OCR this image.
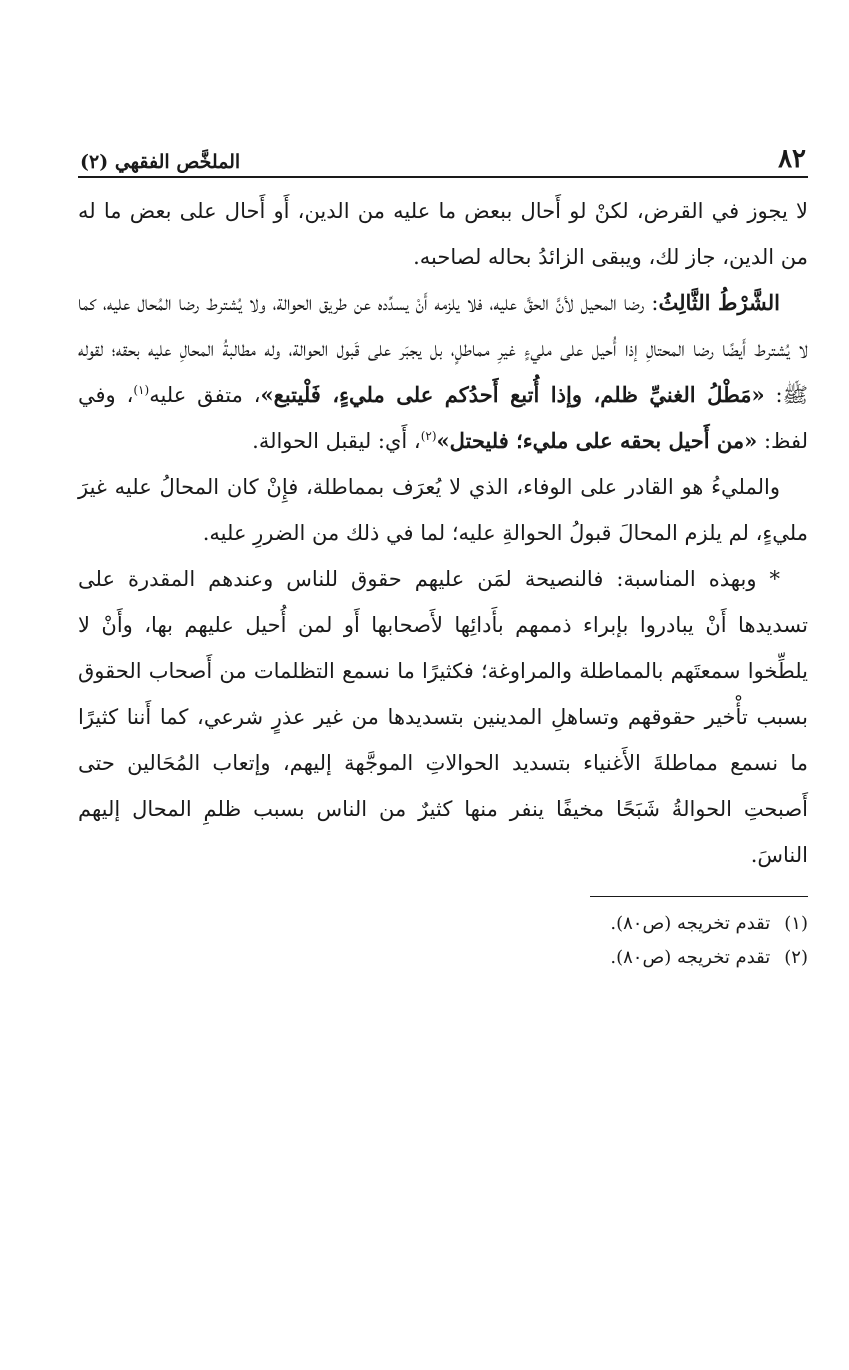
٨٢
الملخَّص الفقهي (٢)

لا يجوز في القرض، لكنْ لو أَحال ببعض ما عليه من الدين، أَو أَحال على بعض ما له من الدين، جاز لك، ويبقى الزائدُ بحاله لصاحبه.

الشَّرْطُ الثَّالِثُ: رضا المحيل لأنَّ الحقَّ عليه، فلا يلزمه أَنْ يسدِّده عن طريق الحوالة، ولا يُشترط رضا المُحال عليه، كما لا يُشترط أَيضًا رضا المحتالِ إذا أُحيل على مليءٍ غيرِ مماطلٍ، بل يجبَر على قَبول الحوالة، وله مطالبةُ المحالِ عليه بحقه؛ لقوله ﷺ: «مَطْلُ الغنيِّ ظلم، وإذا أُتبع أَحدُكم على مليءٍ، فَلْيتبع»، متفق عليه$^{(١)}$، وفي لفظ: «من أَحيل بحقه على مليء؛ فليحتل»$^{(٢)}$، أَي: ليقبل الحوالة.

والمليءُ هو القادر على الوفاء، الذي لا يُعرَف بمماطلة، فإِنْ كان المحالُ عليه غيرَ مليءٍ، لم يلزم المحالَ قبولُ الحوالةِ عليه؛ لما في ذلك من الضررِ عليه.

* وبهذه المناسبة: فالنصيحة لمَن عليهم حقوق للناس وعندهم المقدرة على تسديدها أَنْ يبادروا بإبراء ذممهم بأَدائِها لأَصحابها أَو لمن أُحيل عليهم بها، وأَنْ لا يلطِّخوا سمعتَهم بالمماطلة والمراوغة؛ فكثيرًا ما نسمع التظلمات من أَصحاب الحقوق بسبب تأْخير حقوقهم وتساهلِ المدينين بتسديدها من غير عذرٍ شرعي، كما أَننا كثيرًا ما نسمع مماطلةَ الأَغنياء بتسديد الحوالاتِ الموجَّهة إليهم، وإتعاب المُحَالين حتى أَصبحتِ الحوالةُ شَبَحًا مخيفًا ينفر منها كثيرٌ من الناس بسبب ظلمِ المحال إليهم الناسَ.

(١)
تقدم تخريجه (ص٨٠).
(٢)
تقدم تخريجه (ص٨٠).
